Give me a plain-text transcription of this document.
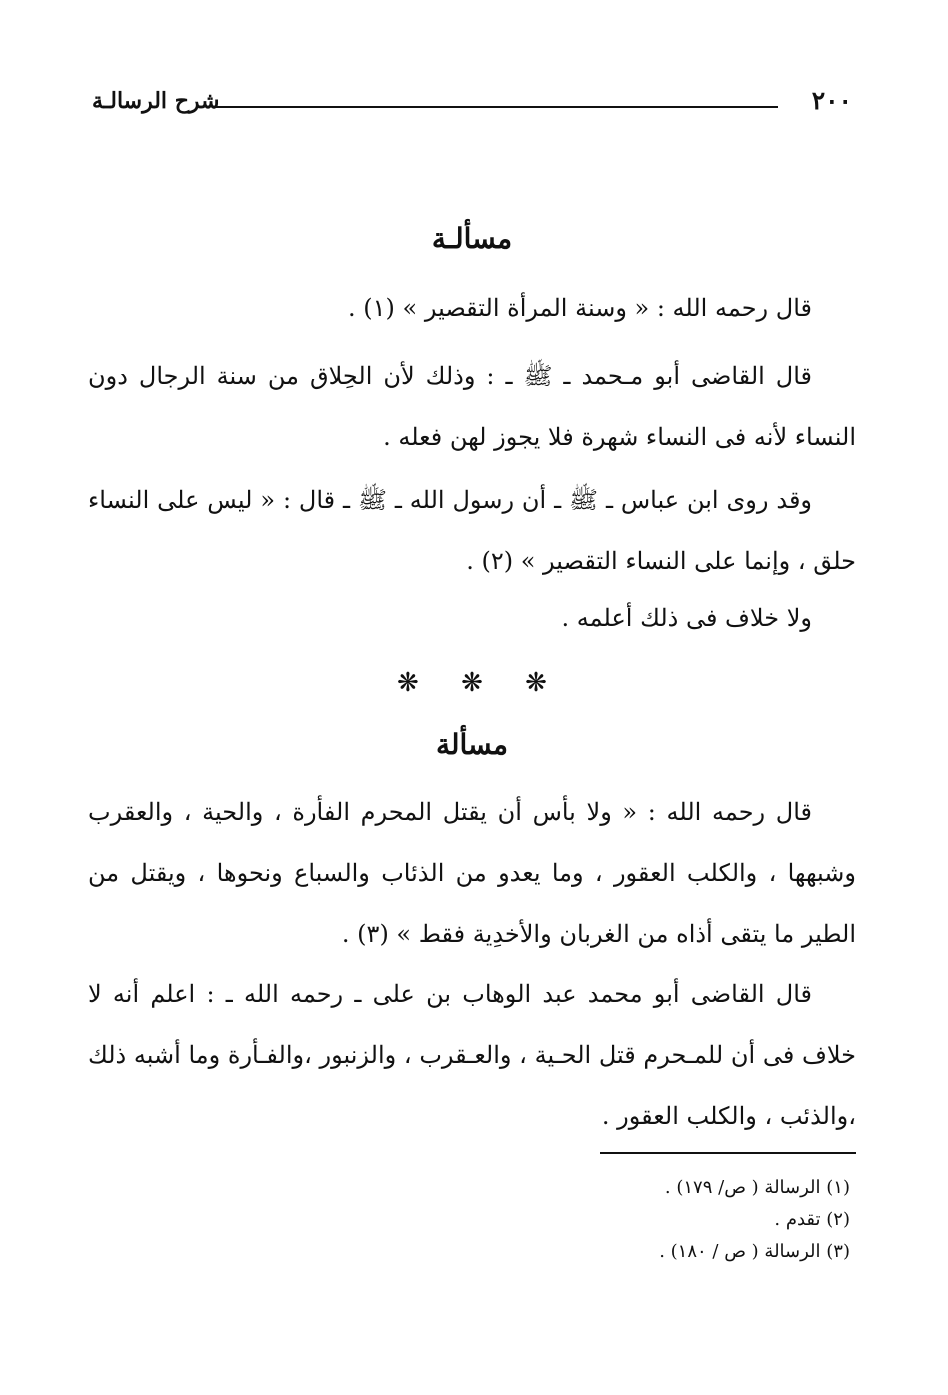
٢٠٠
شرح الرسالـة
مسألـة
قال رحمه الله : « وسنة المرأة التقصير » (١) .
قال القاضى أبو مـحمد ـ ﷺ ـ : وذلك لأن الحِلاق من سنة الرجال دون النساء لأنه فى النساء شهرة فلا يجوز لهن فعله .
وقد روى ابن عباس ـ ﷺ ـ أن رسول الله ـ ﷺ ـ قال : « ليس على النساء حلق ، وإنما على النساء التقصير » (٢) .
ولا خلاف فى ذلك أعلمه .
❋ ❋ ❋
مسألة
قال رحمه الله : « ولا بأس أن يقتل المحرم الفأرة ، والحية ، والعقرب وشبهها ، والكلب العقور ، وما يعدو من الذئاب والسباع ونحوها ، ويقتل من الطير ما يتقى أذاه من الغربان والأخدِية فقط » (٣) .
قال القاضى أبو محمد عبد الوهاب بن على ـ رحمه الله ـ : اعلم أنه لا خلاف فى أن للمـحرم قتل الحـية ، والعـقرب ، والزنبور ،والفـأرة وما أشبه ذلك ،والذئب ، والكلب العقور .
(١) الرسالة ( ص/ ١٧٩) .
(٢) تقدم .
(٣) الرسالة ( ص / ١٨٠) .
